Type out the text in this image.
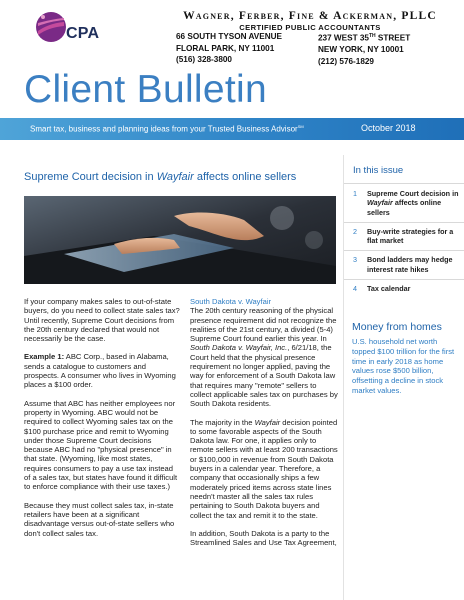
CPA
Wagner, Ferber, Fine & Ackerman, PLLC
CERTIFIED PUBLIC ACCOUNTANTS
66 SOUTH TYSON AVENUE
FLORAL PARK, NY 11001
(516) 328-3800
237 WEST 35TH STREET
NEW YORK, NY 10001
(212) 576-1829
Client Bulletin
Smart tax, business and planning ideas from your Trusted Business Advisor℠	October 2018
Supreme Court decision in Wayfair affects online sellers

If your company makes sales to out-of-state buyers, do you need to collect state sales tax? Until recently, Supreme Court decisions from the 20th century declared that would not necessarily be the case.

Example 1: ABC Corp., based in Alabama, sends a catalogue to customers and prospects. A consumer who lives in Wyoming places a $100 order.

Assume that ABC has neither employees nor property in Wyoming. ABC would not be required to collect Wyoming sales tax on the $100 purchase price and remit to Wyoming under those Supreme Court decisions because ABC had no "physical presence" in that state. (Wyoming, like most states, requires consumers to pay a use tax instead of a sales tax, but states have found it difficult to enforce compliance with their use taxes.)

Because they must collect sales tax, in-state retailers have been at a significant disadvantage versus out-of-state sellers who don't collect sales tax.

South Dakota v. Wayfair

The 20th century reasoning of the physical presence requirement did not recognize the realities of the 21st century, a divided (5-4) Supreme Court found earlier this year. In South Dakota v. Wayfair, Inc., 6/21/18, the Court held that the physical presence requirement no longer applied, paving the way for enforcement of a South Dakota law that requires many "remote" sellers to collect applicable sales tax on purchases by South Dakota residents.

The majority in the Wayfair decision pointed to some favorable aspects of the South Dakota law. For one, it applies only to remote sellers with at least 200 transactions or $100,000 in revenue from South Dakota buyers in a calendar year. Therefore, a company that occasionally ships a few moderately priced items across state lines needn't master all the sales tax rules pertaining to South Dakota buyers and collect the tax and remit it to the state.

In addition, South Dakota is a party to the Streamlined Sales and Use Tax Agreement,

In this issue
1 Supreme Court decision in Wayfair affects online sellers
2 Buy-write strategies for a flat market
3 Bond ladders may hedge interest rate hikes
4 Tax calendar
Money from homes
U.S. household net worth topped $100 trillion for the first time in early 2018 as home values rose $500 billion, offsetting a decline in stock market values.
